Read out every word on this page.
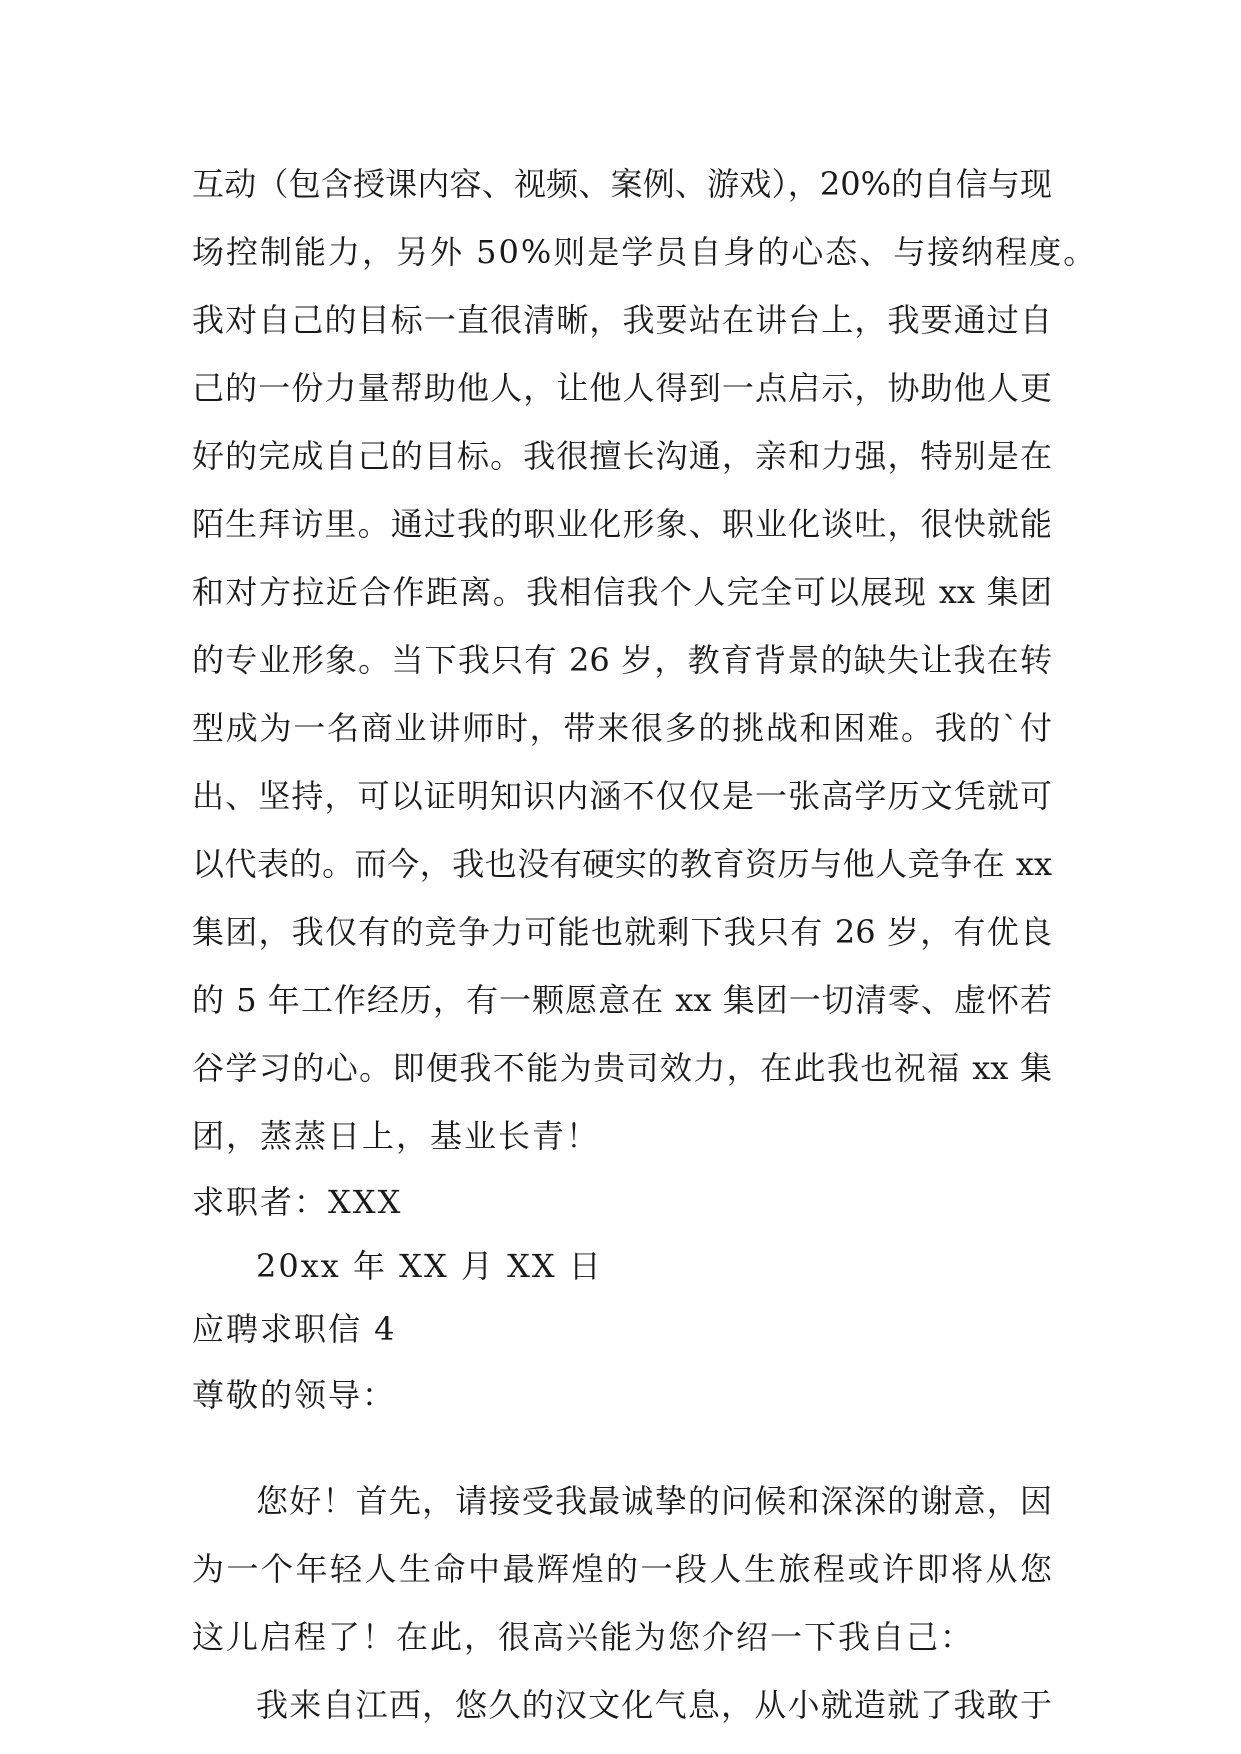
互动（包含授课内容、视频、案例、游戏），20%的自信与现
场控制能力，另外 50%则是学员自身的心态、与接纳程度。
我对自己的目标一直很清晰，我要站在讲台上，我要通过自
己的一份力量帮助他人，让他人得到一点启示，协助他人更
好的完成自己的目标。我很擅长沟通，亲和力强，特别是在
陌生拜访里。通过我的职业化形象、职业化谈吐，很快就能
和对方拉近合作距离。我相信我个人完全可以展现 xx 集团
的专业形象。当下我只有 26 岁，教育背景的缺失让我在转
型成为一名商业讲师时，带来很多的挑战和困难。我的`付
出、坚持，可以证明知识内涵不仅仅是一张高学历文凭就可
以代表的。而今，我也没有硬实的教育资历与他人竞争在 xx
集团，我仅有的竞争力可能也就剩下我只有 26 岁，有优良
的 5 年工作经历，有一颗愿意在 xx 集团一切清零、虚怀若
谷学习的心。即便我不能为贵司效力，在此我也祝福 xx 集
团，蒸蒸日上，基业长青！
求职者：XXX
20xx 年 XX 月 XX 日
应聘求职信 4
尊敬的领导：
您好！首先，请接受我最诚挚的问候和深深的谢意，因
为一个年轻人生命中最辉煌的一段人生旅程或许即将从您
这儿启程了！在此，很高兴能为您介绍一下我自己：
我来自江西，悠久的汉文化气息，从小就造就了我敢于
